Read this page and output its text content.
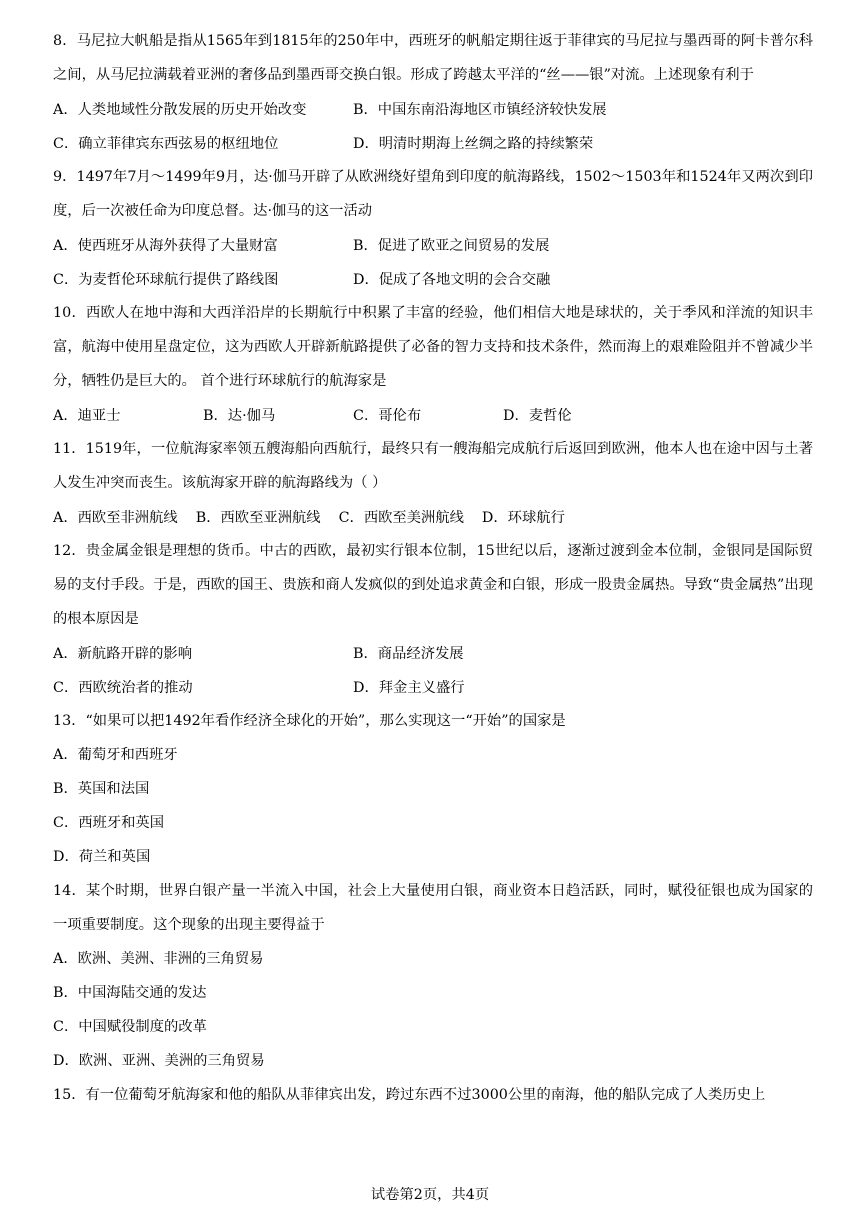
8．马尼拉大帆船是指从1565年到1815年的250年中，西班牙的帆船定期往返于菲律宾的马尼拉与墨西哥的阿卡普尔科之间，从马尼拉满载着亚洲的奢侈品到墨西哥交换白银。形成了跨越太平洋的“丝——银”对流。上述现象有利于

A．人类地域性分散发展的历史开始改变	B．中国东南沿海地区市镇经济较快发展
C．确立菲律宾东西弦易的枢纽地位	D．明清时期海上丝绸之路的持续繁荣

9．1497年7月～1499年9月，达·伽马开辟了从欧洲绕好望角到印度的航海路线，1502～1503年和1524年又两次到印度，后一次被任命为印度总督。达·伽马的这一活动

A．使西班牙从海外获得了大量财富	B．促进了欧亚之间贸易的发展
C．为麦哲伦环球航行提供了路线图	D．促成了各地文明的会合交融

10．西欧人在地中海和大西洋沿岸的长期航行中积累了丰富的经验，他们相信大地是球状的，关于季风和洋流的知识丰富，航海中使用星盘定位，这为西欧人开辟新航路提供了必备的智力支持和技术条件，然而海上的艰难险阻并不曾减少半分，牺牲仍是巨大的。 首个进行环球航行的航海家是

A．迪亚士	B．达·伽马	C．哥伦布	D．麦哲伦

11．1519年，一位航海家率领五艘海船向西航行，最终只有一艘海船完成航行后返回到欧洲，他本人也在途中因与土著人发生冲突而丧生。该航海家开辟的航海路线为（ ）

A．西欧至非洲航线 B．西欧至亚洲航线 C．西欧至美洲航线 D．环球航行

12．贵金属金银是理想的货币。中古的西欧，最初实行银本位制，15世纪以后，逐渐过渡到金本位制，金银同是国际贸易的支付手段。于是，西欧的国王、贵族和商人发疯似的到处追求黄金和白银，形成一股贵金属热。导致“贵金属热”出现的根本原因是

A．新航路开辟的影响	B．商品经济发展
C．西欧统治者的推动	D．拜金主义盛行

13．“如果可以把1492年看作经济全球化的开始”，那么实现这一“开始”的国家是

A．葡萄牙和西班牙
B．英国和法国
C．西班牙和英国
D．荷兰和英国

14．某个时期，世界白银产量一半流入中国，社会上大量使用白银，商业资本日趋活跃，同时，赋役征银也成为国家的一项重要制度。这个现象的出现主要得益于

A．欧洲、美洲、非洲的三角贸易
B．中国海陆交通的发达
C．中国赋役制度的改革
D．欧洲、亚洲、美洲的三角贸易

15．有一位葡萄牙航海家和他的船队从菲律宾出发，跨过东西不过3000公里的南海，他的船队完成了人类历史上

试卷第2页，共4页
